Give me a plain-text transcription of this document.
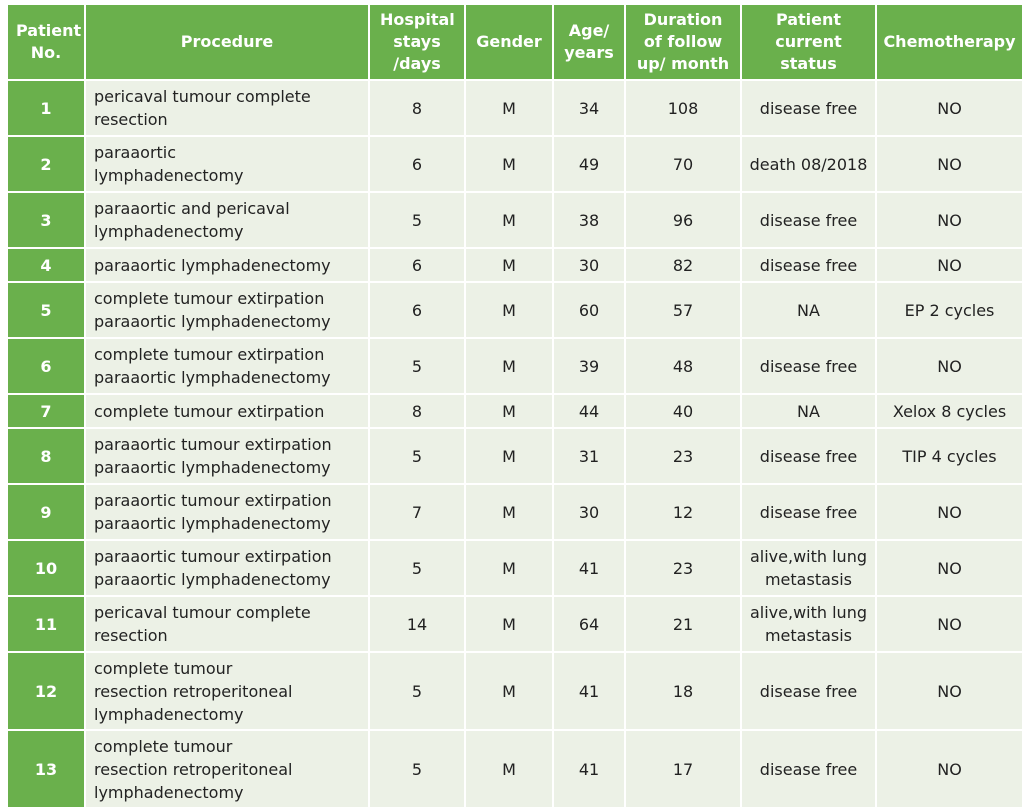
Patient No.	Procedure	Hospital stays /days	Gender	Age/ years	Duration of follow up/ month	Patient current status	Chemotherapy
1	pericaval tumour complete resection	8	M	34	108	disease free	NO
2	paraaortic lymphadenectomy	6	M	49	70	death 08/2018	NO
3	paraaortic and pericaval lymphadenectomy	5	M	38	96	disease free	NO
4	paraaortic lymphadenectomy	6	M	30	82	disease free	NO
5	complete tumour extirpation paraaortic lymphadenectomy	6	M	60	57	NA	EP 2 cycles
6	complete tumour extirpation paraaortic lymphadenectomy	5	M	39	48	disease free	NO
7	complete tumour extirpation	8	M	44	40	NA	Xelox 8 cycles
8	paraaortic tumour extirpation paraaortic lymphadenectomy	5	M	31	23	disease free	TIP 4 cycles
9	paraaortic tumour extirpation paraaortic lymphadenectomy	7	M	30	12	disease free	NO
10	paraaortic tumour extirpation paraaortic lymphadenectomy	5	M	41	23	alive,with lung metastasis	NO
11	pericaval tumour complete resection	14	M	64	21	alive,with lung metastasis	NO
12	complete tumour resection retroperitoneal lymphadenectomy	5	M	41	18	disease free	NO
13	complete tumour resection retroperitoneal lymphadenectomy	5	M	41	17	disease free	NO
